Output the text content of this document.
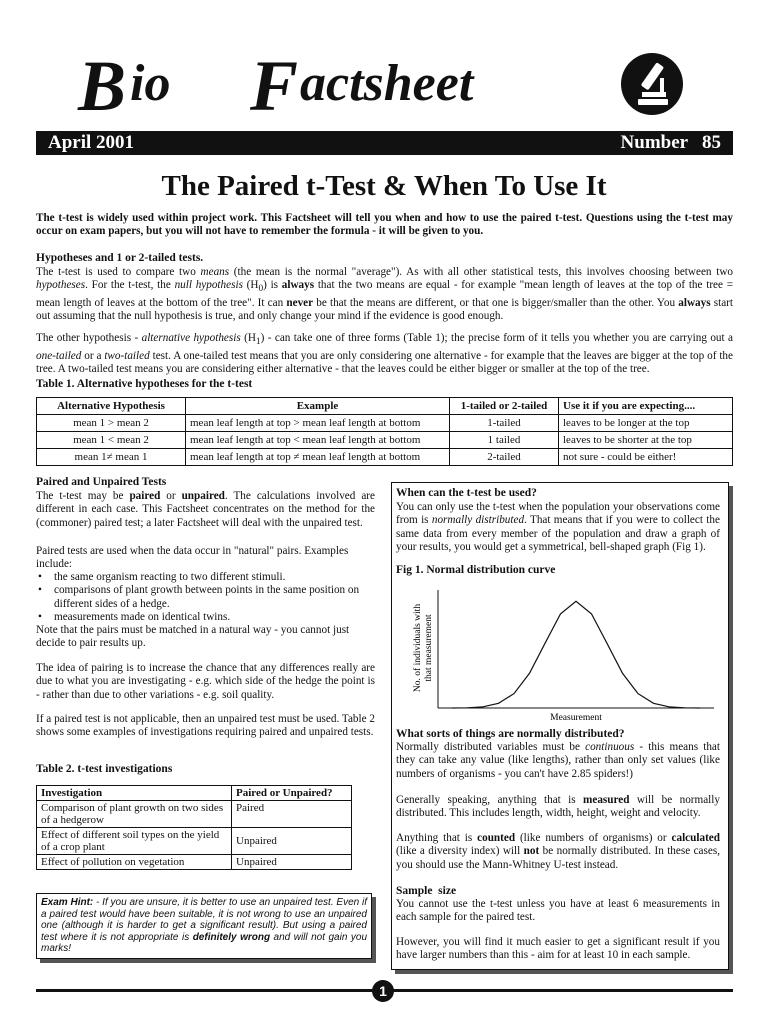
B io F actsheet
April 2001	Number   85
The Paired t-Test & When To Use It
The t-test is widely used within project work. This Factsheet will tell you when and how to use the paired t-test. Questions using the t-test may occur on exam papers, but you will not have to remember the formula - it will be given to you.
Hypotheses and 1 or 2-tailed tests.
The t-test is used to compare two means (the mean is the normal "average"). As with all other statistical tests, this involves choosing between two hypotheses. For the t-test, the null hypothesis $(H_0)$ is always that the two means are equal - for example "mean length of leaves at the top of the tree = mean length of leaves at the bottom of the tree". It can never be that the means are different, or that one is bigger/smaller than the other. You always start out assuming that the null hypothesis is true, and only change your mind if the evidence is good enough.
The other hypothesis - alternative hypothesis $(H_1)$ - can take one of three forms (Table 1); the precise form of it tells you whether you are carrying out a one-tailed or a two-tailed test. A one-tailed test means that you are only considering one alternative - for example that the leaves are bigger at the top of the tree. A two-tailed test means you are considering either alternative - that the leaves could be either bigger or smaller at the top of the tree.
Table 1. Alternative hypotheses for the t-test
Alternative Hypothesis	Example	1-tailed or 2-tailed	Use it if you are expecting....
mean 1 > mean 2	mean leaf length at top > mean leaf length at bottom	1-tailed	leaves to be longer at the top
mean 1 < mean 2	mean leaf length at top < mean leaf length at bottom	1 tailed	leaves to be shorter at the top
mean 1≠ mean 1	mean leaf length at top ≠ mean leaf length at bottom	2-tailed	not sure - could be either!
Paired and Unpaired Tests
The t-test may be paired or unpaired. The calculations involved are different in each case. This Factsheet concentrates on the method for the (commoner) paired test; a later Factsheet will deal with the unpaired test.
Paired tests are used when the data occur in "natural" pairs. Examples include:
• the same organism reacting to two different stimuli.
• comparisons of plant growth between points in the same position on different sides of a hedge.
• measurements made on identical twins.
Note that the pairs must be matched in a natural way - you cannot just decide to pair results up.
The idea of pairing is to increase the chance that any differences really are due to what you are investigating - e.g. which side of the hedge the point is - rather than due to other variations - e.g. soil quality.
If a paired test is not applicable, then an unpaired test must be used. Table 2 shows some examples of investigations requiring paired and unpaired tests.
Table 2. t-test investigations
Investigation	Paired or Unpaired?
Comparison of plant growth on two sides of a hedgerow	Paired
Effect of different soil types on the yield of a crop plant	Unpaired
Effect of pollution on vegetation	Unpaired
Exam Hint: - If you are unsure, it is better to use an unpaired test. Even if a paired test would have been suitable, it is not wrong to use an unpaired one (although it is harder to get a significant result). But using a paired test where it is not appropriate is definitely wrong and will not gain you marks!
When can the t-test be used?
You can only use the t-test when the population your observations come from is normally distributed. That means that if you were to collect the same data from every member of the population and draw a graph of your results, you would get a symmetrical, bell-shaped graph (Fig 1).
Fig 1. Normal distribution curve
No. of individuals with that measurement
Measurement
What sorts of things are normally distributed?
Normally distributed variables must be continuous - this means that they can take any value (like lengths), rather than only set values (like numbers of organisms - you can't have 2.85 spiders!)
Generally speaking, anything that is measured will be normally distributed. This includes length, width, height, weight and velocity.
Anything that is counted (like numbers of organisms) or calculated (like a diversity index) will not be normally distributed. In these cases, you should use the Mann-Whitney U-test instead.
Sample  size
You cannot use the t-test unless you have at least 6 measurements in each sample for the paired test.
However, you will find it much easier to get a significant result if you have larger numbers than this - aim for at least 10 in each sample.
1
